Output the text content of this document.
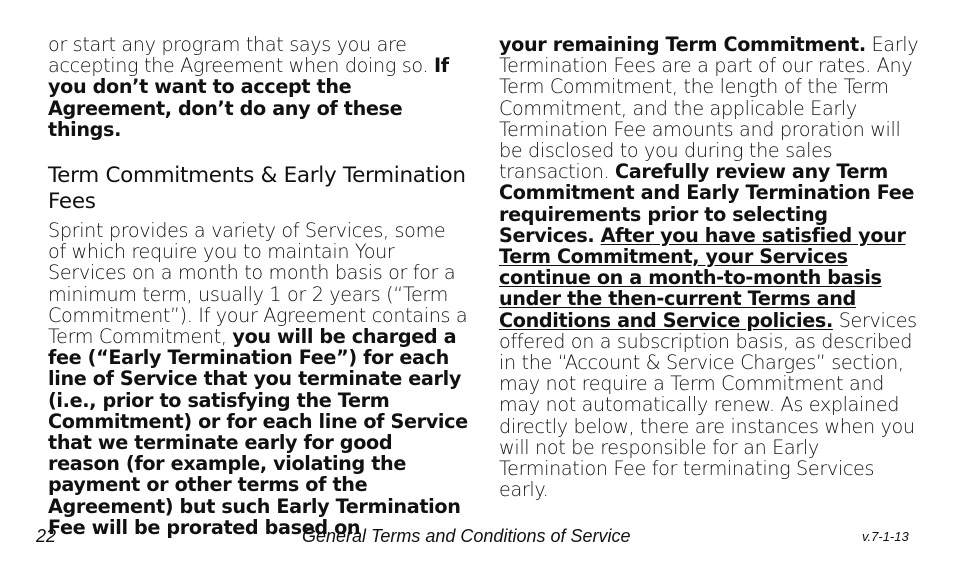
or start any program that says you are accepting the Agreement when doing so. If you don’t want to accept the Agreement, don’t do any of these things.

Term Commitments & Early Termination Fees

Sprint provides a variety of Services, some of which require you to maintain Your Services on a month to month basis or for a minimum term, usually 1 or 2 years (“Term Commitment”). If your Agreement contains a Term Commitment, you will be charged a fee (“Early Termination Fee”) for each line of Service that you terminate early (i.e., prior to satisfying the Term Commitment) or for each line of Service that we terminate early for good reason (for example, violating the payment or other terms of the Agreement) but such Early Termination Fee will be prorated based on

your remaining Term Commitment. Early Termination Fees are a part of our rates. Any Term Commitment, the length of the Term Commitment, and the applicable Early Termination Fee amounts and proration will be disclosed to you during the sales transaction. Carefully review any Term Commitment and Early Termination Fee requirements prior to selecting Services. After you have satisfied your Term Commitment, your Services continue on a month-to-month basis under the then-current Terms and Conditions and Service policies. Services offered on a subscription basis, as described in the “Account & Service Charges” section, may not require a Term Commitment and may not automatically renew. As explained directly below, there are instances when you will not be responsible for an Early Termination Fee for terminating Services early.

22	General Terms and Conditions of Service	v.7-1-13
